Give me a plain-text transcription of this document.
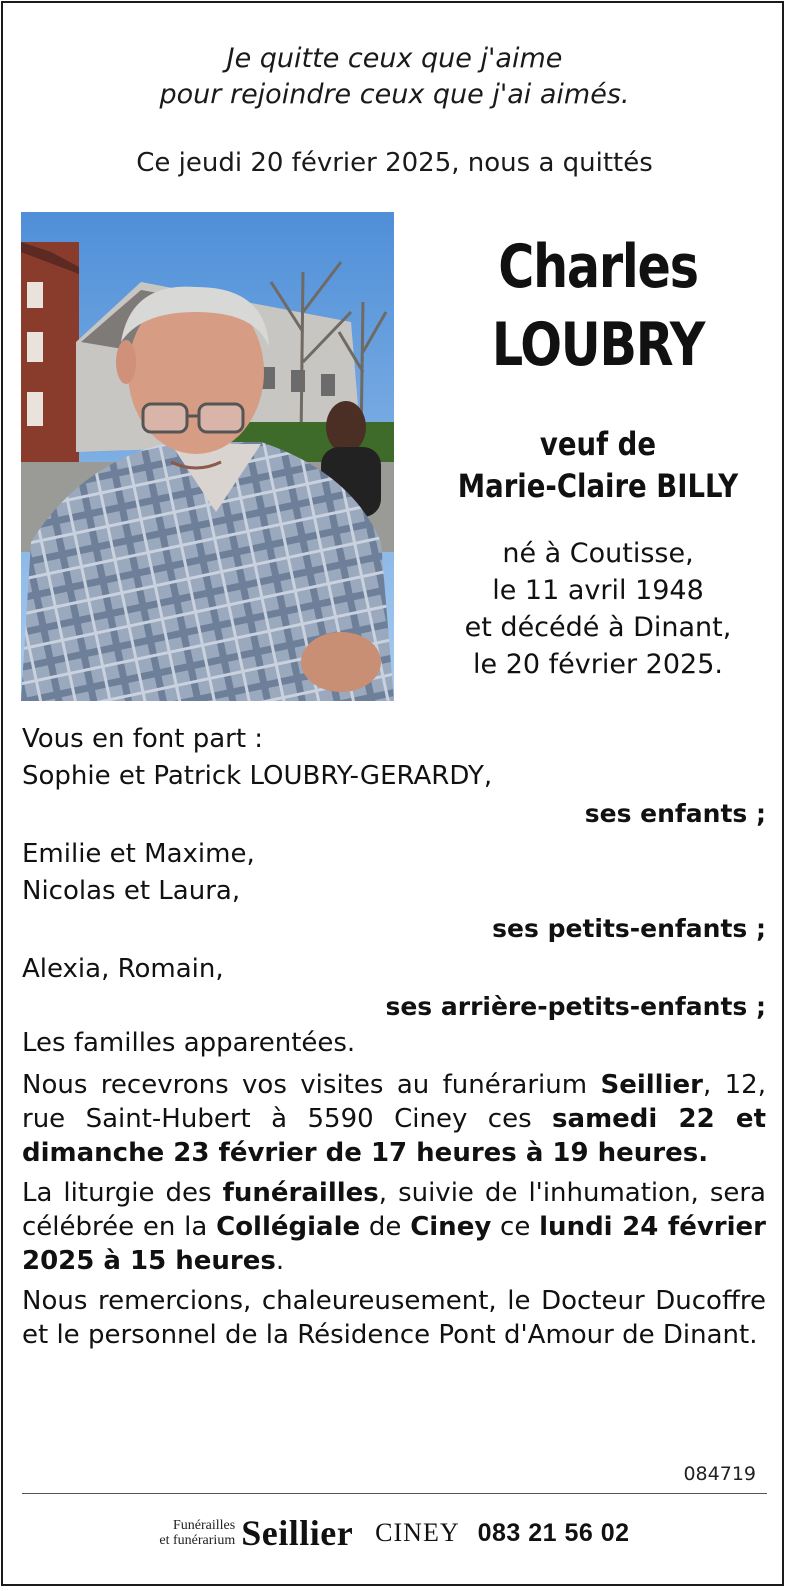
Je quitte ceux que j'aime
pour rejoindre ceux que j'ai aimés.
Ce jeudi 20 février 2025, nous a quittés
Charles
LOUBRY
veuf de
Marie-Claire BILLY
né à Coutisse,
le 11 avril 1948
et décédé à Dinant,
le 20 février 2025.
Vous en font part :
Sophie et Patrick LOUBRY-GERARDY,
ses enfants ;
Emilie et Maxime,
Nicolas et Laura,
ses petits-enfants ;
Alexia, Romain,
ses arrière-petits-enfants ;
Les familles apparentées.
Nous recevrons vos visites au funérarium Seillier, 12, rue Saint-Hubert à 5590 Ciney ces samedi 22 et dimanche 23 février de 17 heures à 19 heures.
La liturgie des funérailles, suivie de l'inhumation, sera célébrée en la Collégiale de Ciney ce lundi 24 février 2025 à 15 heures.
Nous remercions, chaleureusement, le Docteur Ducoffre et le personnel de la Résidence Pont d'Amour de Dinant.
084719
Funérailles
et funérarium Seillier CINEY 083 21 56 02
